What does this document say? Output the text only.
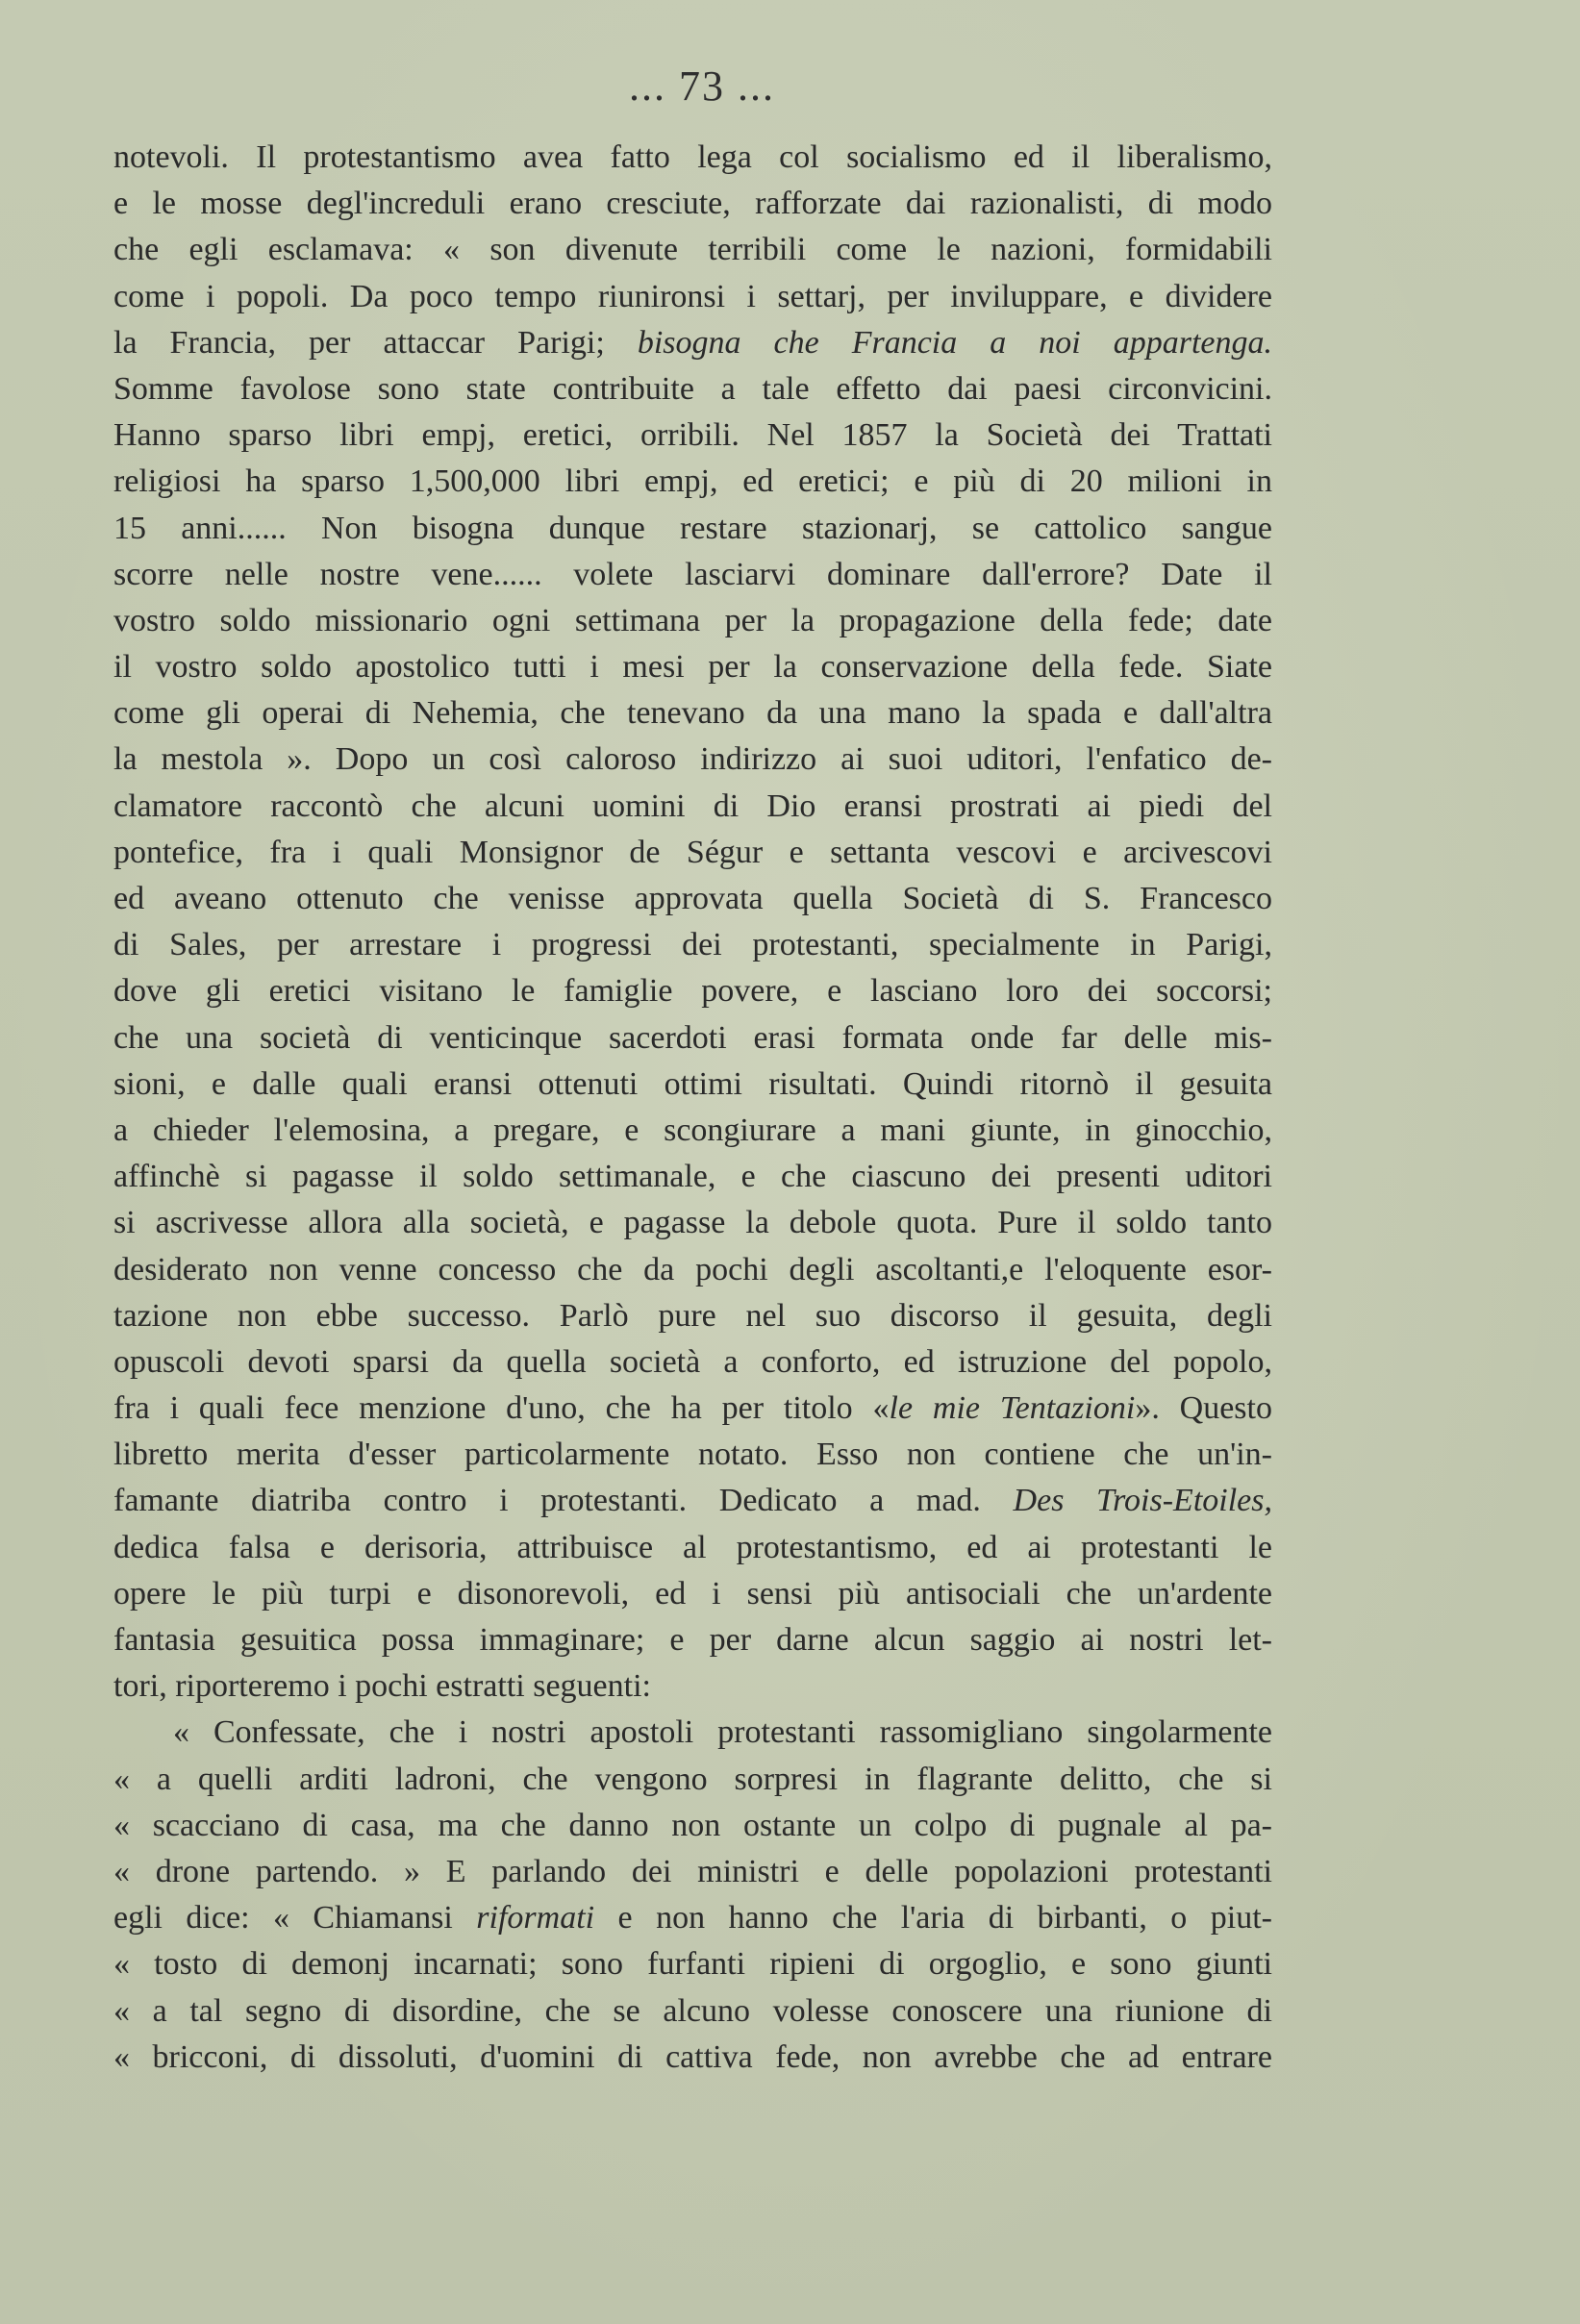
... 73 ...
notevoli. Il protestantismo avea fatto lega col socialismo ed il liberalismo,
e le mosse degl'increduli erano cresciute, rafforzate dai razionalisti, di modo
che egli esclamava: « son divenute terribili come le nazioni, formidabili
come i popoli. Da poco tempo riunironsi i settarj, per inviluppare, e dividere
la Francia, per attaccar Parigi; bisogna che Francia a noi appartenga.
Somme favolose sono state contribuite a tale effetto dai paesi circonvicini.
Hanno sparso libri empj, eretici, orribili. Nel 1857 la Società dei Trattati
religiosi ha sparso 1,500,000 libri empj, ed eretici; e più di 20 milioni in
15 anni...... Non bisogna dunque restare stazionarj, se cattolico sangue
scorre nelle nostre vene...... volete lasciarvi dominare dall'errore? Date il
vostro soldo missionario ogni settimana per la propagazione della fede; date
il vostro soldo apostolico tutti i mesi per la conservazione della fede. Siate
come gli operai di Nehemia, che tenevano da una mano la spada e dall'altra
la mestola ». Dopo un così caloroso indirizzo ai suoi uditori, l'enfatico de-
clamatore raccontò che alcuni uomini di Dio eransi prostrati ai piedi del
pontefice, fra i quali Monsignor de Ségur e settanta vescovi e arcivescovi
ed aveano ottenuto che venisse approvata quella Società di S. Francesco
di Sales, per arrestare i progressi dei protestanti, specialmente in Parigi,
dove gli eretici visitano le famiglie povere, e lasciano loro dei soccorsi;
che una società di venticinque sacerdoti erasi formata onde far delle mis-
sioni, e dalle quali eransi ottenuti ottimi risultati. Quindi ritornò il gesuita
a chieder l'elemosina, a pregare, e scongiurare a mani giunte, in ginocchio,
affinchè si pagasse il soldo settimanale, e che ciascuno dei presenti uditori
si ascrivesse allora alla società, e pagasse la debole quota. Pure il soldo tanto
desiderato non venne concesso che da pochi degli ascoltanti,e l'eloquente esor-
tazione non ebbe successo. Parlò pure nel suo discorso il gesuita, degli
opuscoli devoti sparsi da quella società a conforto, ed istruzione del popolo,
fra i quali fece menzione d'uno, che ha per titolo «le mie Tentazioni». Questo
libretto merita d'esser particolarmente notato. Esso non contiene che un'in-
famante diatriba contro i protestanti. Dedicato a mad. Des Trois-Etoiles,
dedica falsa e derisoria, attribuisce al protestantismo, ed ai protestanti le
opere le più turpi e disonorevoli, ed i sensi più antisociali che un'ardente
fantasia gesuitica possa immaginare; e per darne alcun saggio ai nostri let-
tori, riporteremo i pochi estratti seguenti:
« Confessate, che i nostri apostoli protestanti rassomigliano singolarmente
« a quelli arditi ladroni, che vengono sorpresi in flagrante delitto, che si
« scacciano di casa, ma che danno non ostante un colpo di pugnale al pa-
« drone partendo. » E parlando dei ministri e delle popolazioni protestanti
egli dice: « Chiamansi riformati e non hanno che l'aria di birbanti, o piut-
« tosto di demonj incarnati; sono furfanti ripieni di orgoglio, e sono giunti
« a tal segno di disordine, che se alcuno volesse conoscere una riunione di
« bricconi, di dissoluti, d'uomini di cattiva fede, non avrebbe che ad entrare
